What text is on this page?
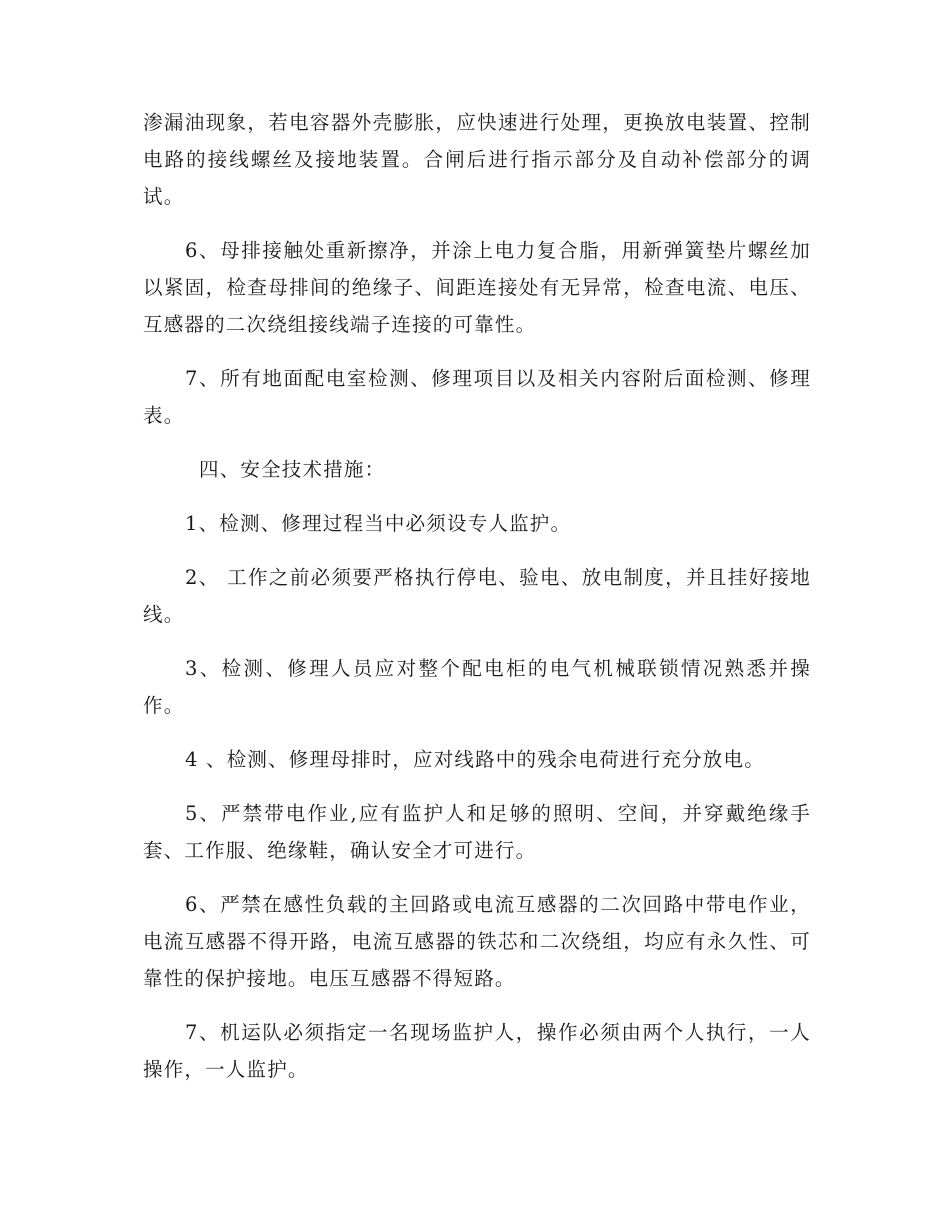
渗漏油现象，若电容器外壳膨胀，应快速进行处理，更换放电装置、控制电路的接线螺丝及接地装置。合闸后进行指示部分及自动补偿部分的调试。

6、母排接触处重新擦净，并涂上电力复合脂，用新弹簧垫片螺丝加以紧固，检查母排间的绝缘子、间距连接处有无异常，检查电流、电压、互感器的二次绕组接线端子连接的可靠性。

7、所有地面配电室检测、修理项目以及相关内容附后面检测、修理表。

四、安全技术措施：

1、检测、修理过程当中必须设专人监护。

2、 工作之前必须要严格执行停电、验电、放电制度，并且挂好接地线。

3、检测、修理人员应对整个配电柜的电气机械联锁情况熟悉并操作。

4 、检测、修理母排时，应对线路中的残余电荷进行充分放电。

5、严禁带电作业,应有监护人和足够的照明、空间，并穿戴绝缘手套、工作服、绝缘鞋，确认安全才可进行。

6、严禁在感性负载的主回路或电流互感器的二次回路中带电作业，电流互感器不得开路，电流互感器的铁芯和二次绕组，均应有永久性、可靠性的保护接地。电压互感器不得短路。

7、机运队必须指定一名现场监护人，操作必须由两个人执行，一人操作，一人监护。
